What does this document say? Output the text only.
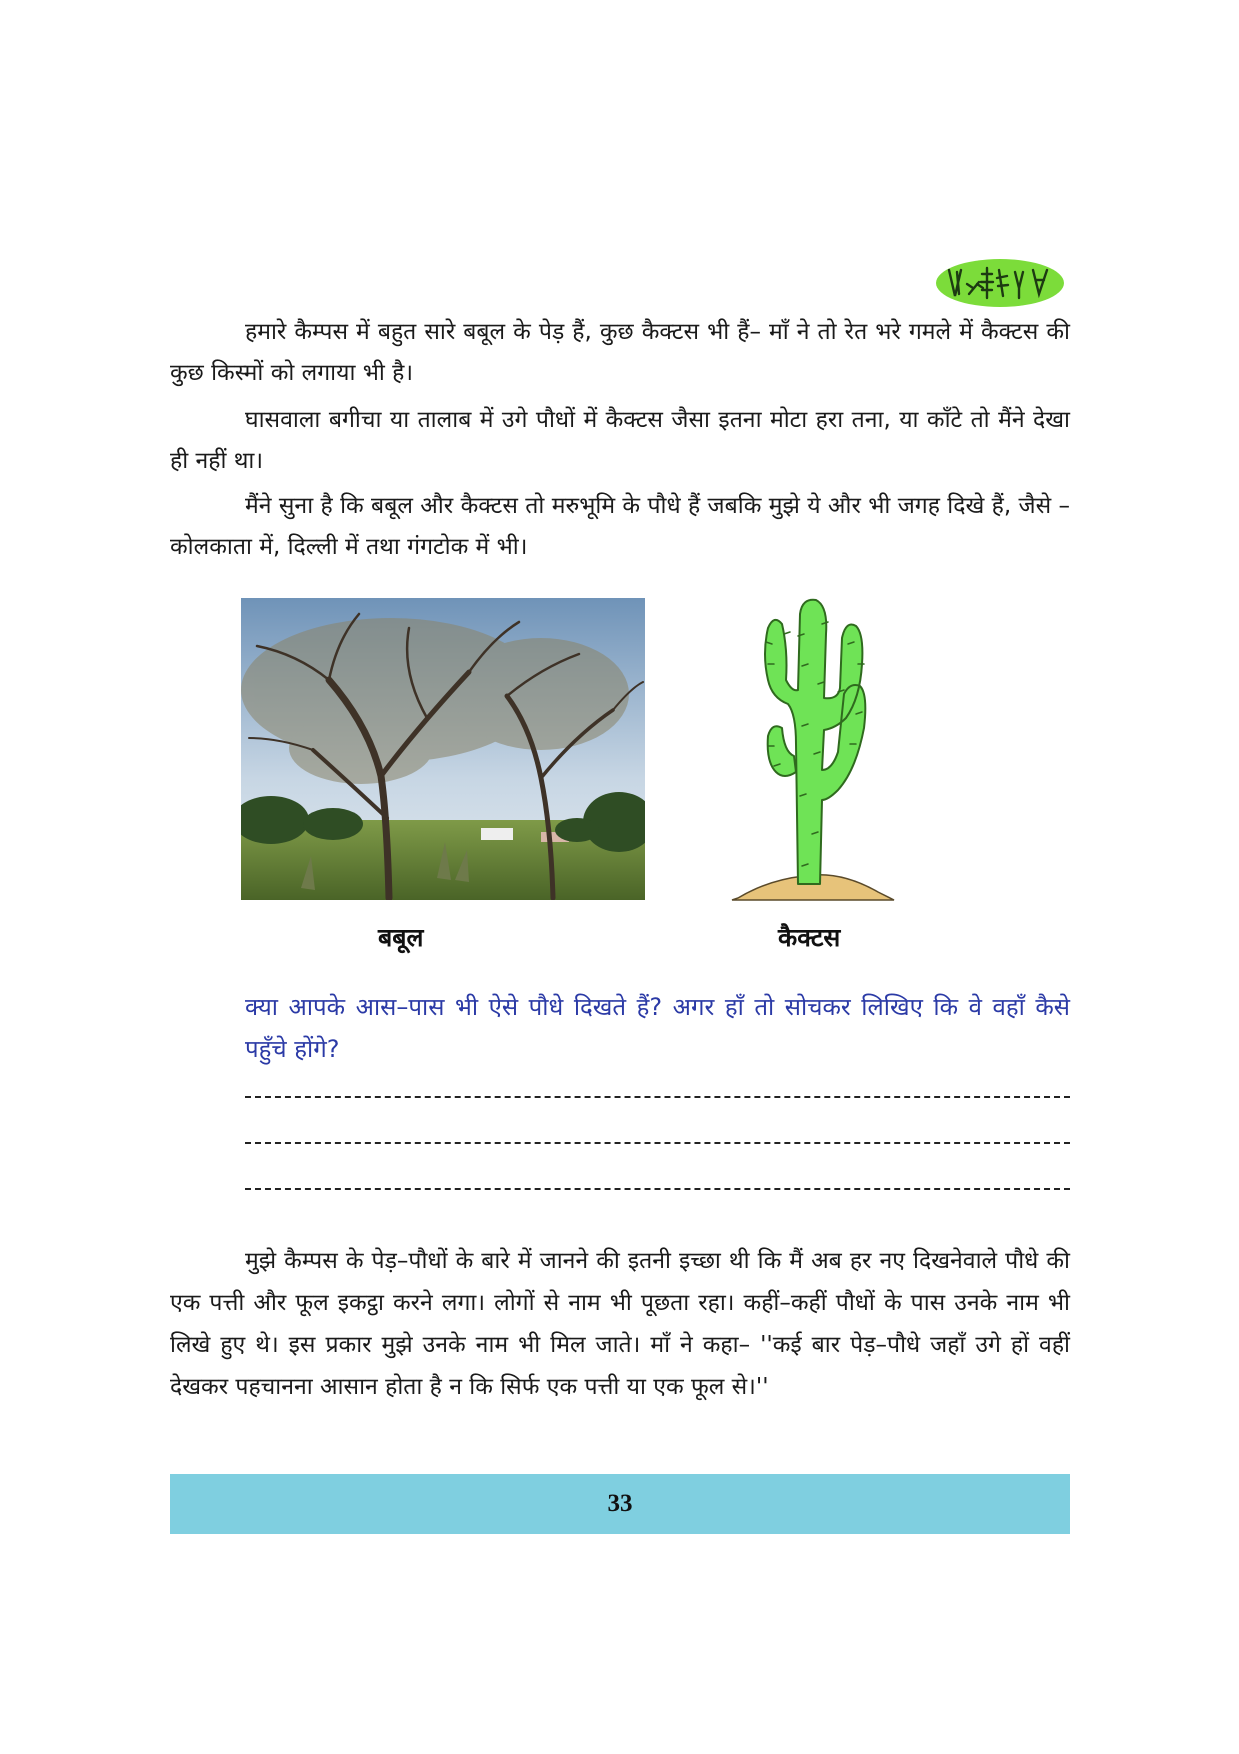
हमारे कैम्पस में बहुत सारे बबूल के पेड़ हैं, कुछ कैक्टस भी हैं– माँ ने तो रेत भरे गमले में कैक्टस की कुछ किस्मों को लगाया भी है।

घासवाला बगीचा या तालाब में उगे पौधों में कैक्टस जैसा इतना मोटा हरा तना, या काँटे तो मैंने देखा ही नहीं था।

मैंने सुना है कि बबूल और कैक्टस तो मरुभूमि के पौधे हैं जबकि मुझे ये और भी जगह दिखे हैं, जैसे –कोलकाता में, दिल्ली में तथा गंगटोक में भी।

बबूल	कैक्टस

क्या आपके आस–पास भी ऐसे पौधे दिखते हैं? अगर हाँ तो सोचकर लिखिए कि वे वहाँ कैसे पहुँचे होंगे?

मुझे कैम्पस के पेड़–पौधों के बारे में जानने की इतनी इच्छा थी कि मैं अब हर नए दिखनेवाले पौधे की एक पत्ती और फूल इकट्ठा करने लगा। लोगों से नाम भी पूछता रहा। कहीं–कहीं पौधों के पास उनके नाम भी लिखे हुए थे। इस प्रकार मुझे उनके नाम भी मिल जाते। माँ ने कहा– ''कई बार पेड़–पौधे जहाँ उगे हों वहीं देखकर पहचानना आसान होता है न कि सिर्फ एक पत्ती या एक फूल से।''

33
